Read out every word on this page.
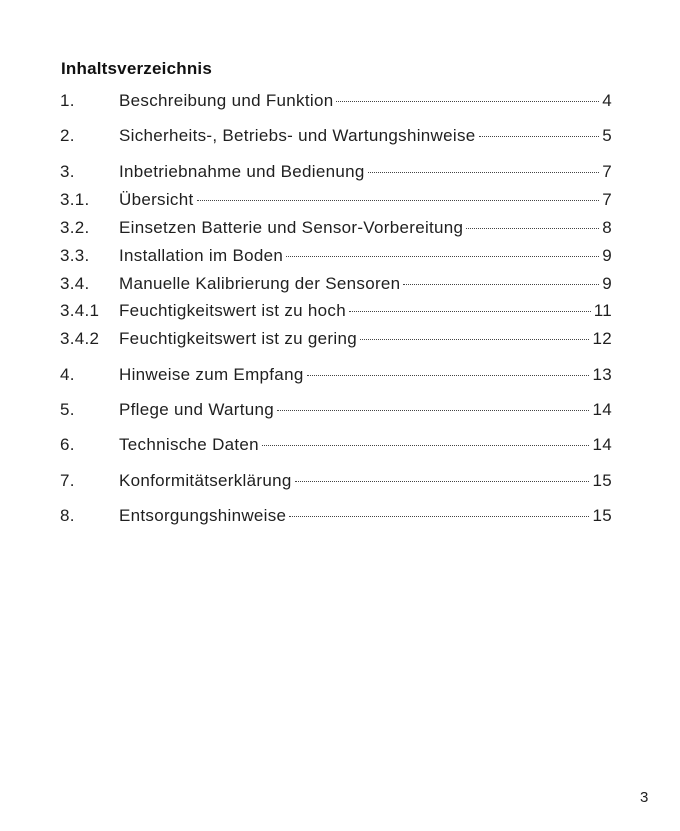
Inhaltsverzeichnis
1.	Beschreibung und Funktion	4
2.	Sicherheits-, Betriebs- und Wartungshinweise	5
3.	Inbetriebnahme und Bedienung	7
3.1.	Übersicht	7
3.2.	Einsetzen Batterie und Sensor-Vorbereitung	8
3.3.	Installation im Boden	9
3.4.	Manuelle Kalibrierung der Sensoren	9
3.4.1	Feuchtigkeitswert ist zu hoch	11
3.4.2	Feuchtigkeitswert ist zu gering	12
4.	Hinweise zum Empfang	13
5.	Pflege und Wartung	14
6.	Technische Daten	14
7.	Konformitätserklärung	15
8.	Entsorgungshinweise	15
3
